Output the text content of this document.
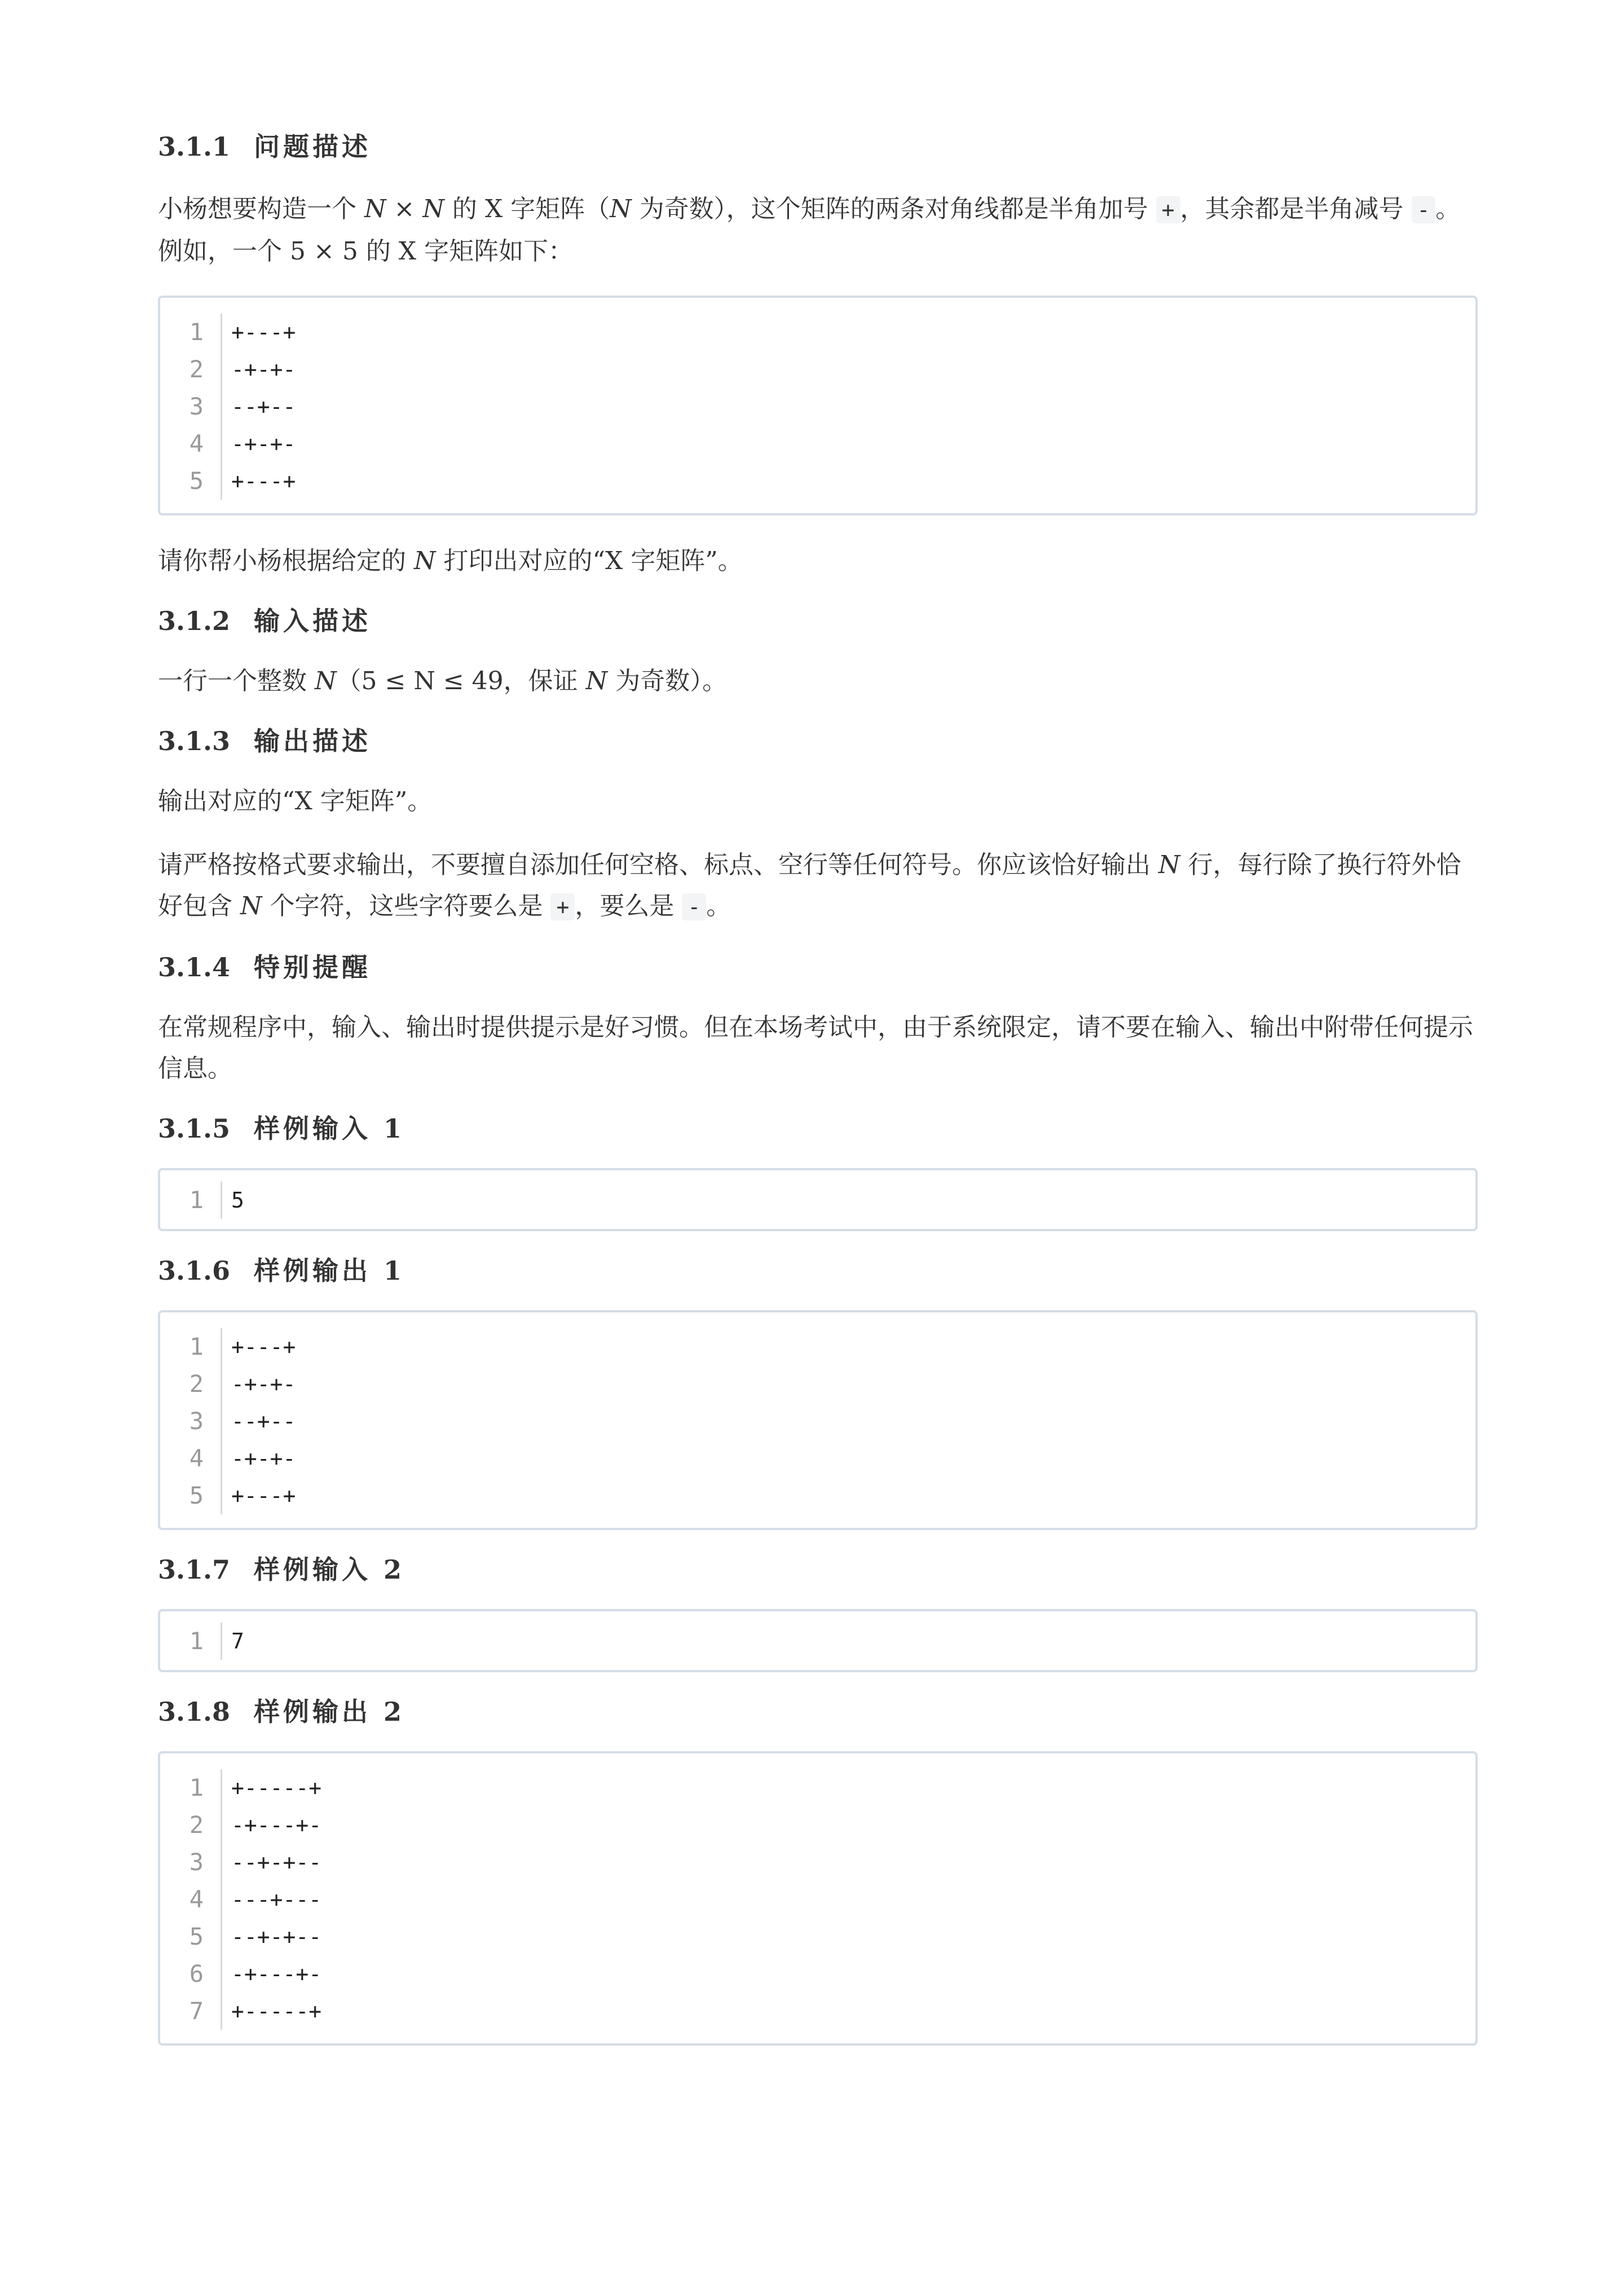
3.1.1 问题描述

小杨想要构造一个 N × N 的 X 字矩阵（N 为奇数），这个矩阵的两条对角线都是半角加号 + ，其余都是半角减号 - 。例如，一个 5 × 5 的 X 字矩阵如下：

1	+---+
2	-+-+-
3	--+--
4	-+-+-
5	+---+

请你帮小杨根据给定的 N 打印出对应的“X 字矩阵”。

3.1.2 输入描述

一行一个整数 N（5 ≤ N ≤ 49，保证 N 为奇数）。

3.1.3 输出描述

输出对应的“X 字矩阵”。

请严格按格式要求输出，不要擅自添加任何空格、标点、空行等任何符号。你应该恰好输出 N 行，每行除了换行符外恰好包含 N 个字符，这些字符要么是 + ，要么是 - 。

3.1.4 特别提醒

在常规程序中，输入、输出时提供提示是好习惯。但在本场考试中，由于系统限定，请不要在输入、输出中附带任何提示信息。

3.1.5 样例输入 1
1	5
3.1.6 样例输出 1
1	+---+
2	-+-+-
3	--+--
4	-+-+-
5	+---+
3.1.7 样例输入 2
1	7
3.1.8 样例输出 2
1	+-----+
2	-+---+-
3	--+-+--
4	---+---
5	--+-+--
6	-+---+-
7	+-----+
